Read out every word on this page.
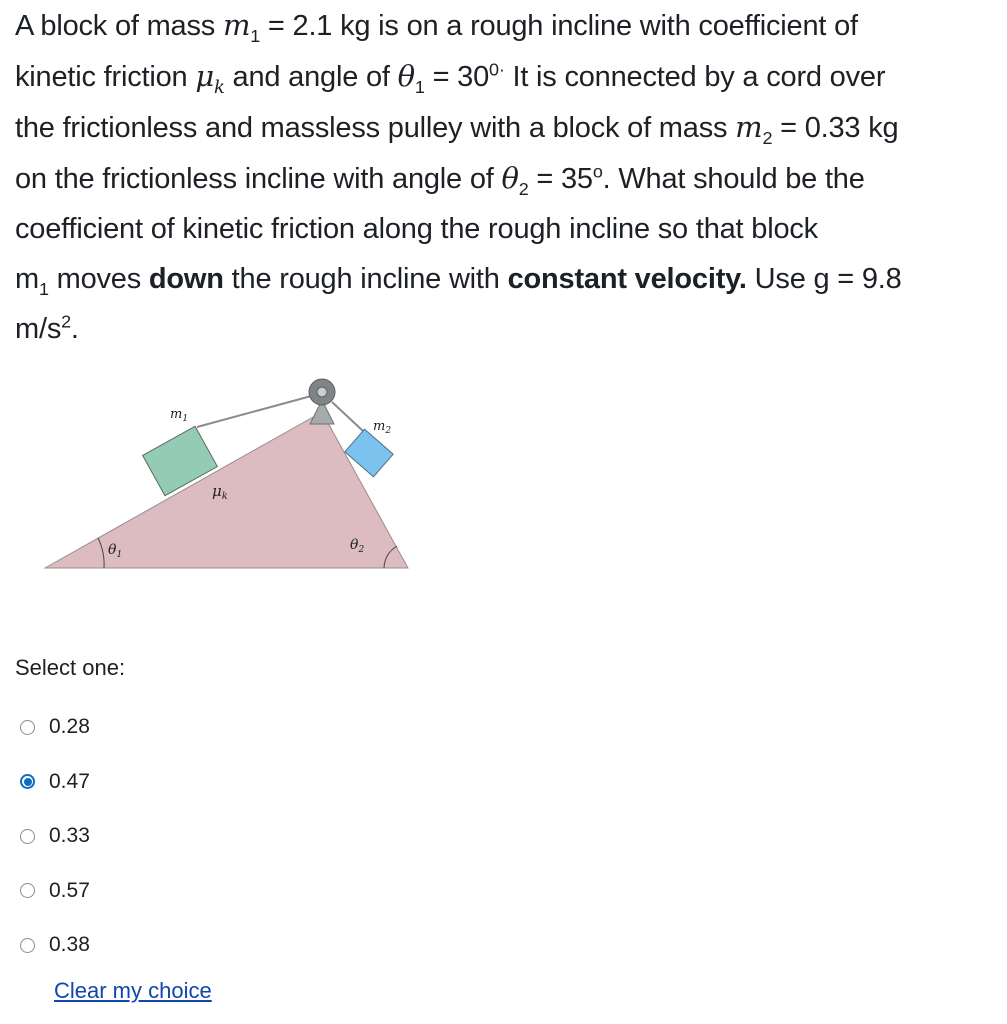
A block of mass $m_1 = 2.1$ kg is on a rough incline with coefficient of
kinetic friction $\mu_k$ and angle of $\theta_1 = 30^{0\cdot}$ It is connected by a cord over
the frictionless and massless pulley with a block of mass $m_2 = 0.33$ kg
on the frictionless incline with angle of $\theta_2 = 35^o$. What should be the
coefficient of kinetic friction along the rough incline so that block
$m_1$ moves down the rough incline with constant velocity. Use g = 9.8
$m/s^2$.
$m_1$	$m_2$
$\mu_k$
$\theta_1$
$\theta_2$
Select one:
0.28
0.47
0.33
0.57
0.38
Clear my choice
